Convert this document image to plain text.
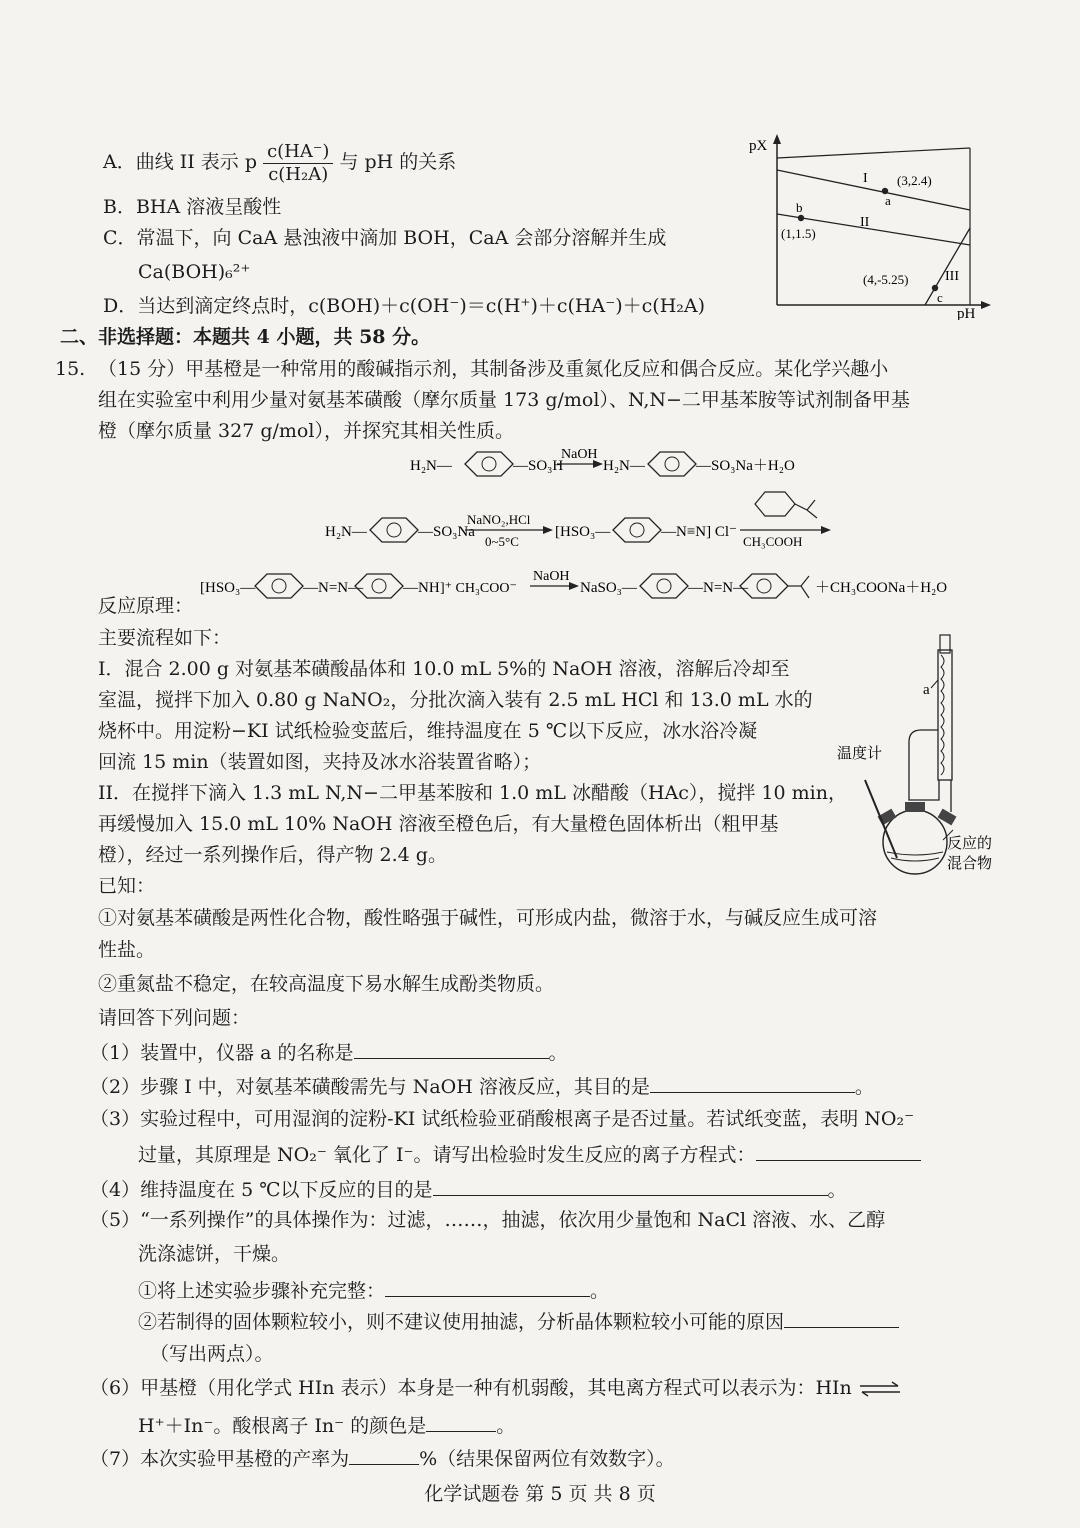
A．曲线 II 表示 p $\frac{c(HA^-)}{\text{c(H₂A)}}$ 与 pH 的关系
B．BHA 溶液呈酸性
C．常温下，向 CaA 悬浊液中滴加 BOH，CaA 会部分溶解并生成
Ca(BOH)₆²⁺
D．当达到滴定终点时，c(BOH)＋c(OH⁻)＝c(H⁺)＋c(HA⁻)＋c(H₂A)
pX
pH
I
II
III
a
(3,2.4)
b
(1,1.5)
c
(4,-5.25)
二、非选择题：本题共 4 小题，共 58 分。
15. （15 分）甲基橙是一种常用的酸碱指示剂，其制备涉及重氮化反应和偶合反应。某化学兴趣小
组在实验室中利用少量对氨基苯磺酸（摩尔质量 173 g/mol）、N,N−二甲基苯胺等试剂制备甲基
橙（摩尔质量 327 g/mol），并探究其相关性质。
H₂N—	—SO₃H
NaOH
H₂N—	—SO₃Na＋H₂O
H₂N—	—SO₃Na
NaNO₂,HCl
0~5°C
[HSO₃—	—N≡N] Cl⁻
CH₃COOH
[HSO₃—	—N=N—	—NH ]⁺ CH₃COO⁻
NaOH
NaSO₃—	—N=N—	＋CH₃COONa＋H₂O
反应原理：
主要流程如下：
I．混合 2.00 g 对氨基苯磺酸晶体和 10.0 mL 5%的 NaOH 溶液，溶解后冷却至
室温，搅拌下加入 0.80 g NaNO₂，分批次滴入装有 2.5 mL HCl 和 13.0 mL 水的
烧杯中。用淀粉−KI 试纸检验变蓝后，维持温度在 5 ℃以下反应，冰水浴冷凝
回流 15 min（装置如图，夹持及冰水浴装置省略）；
II．在搅拌下滴入 1.3 mL N,N−二甲基苯胺和 1.0 mL 冰醋酸（HAc），搅拌 10 min，
再缓慢加入 15.0 mL 10% NaOH 溶液至橙色后，有大量橙色固体析出（粗甲基
橙），经过一系列操作后，得产物 2.4 g。
a
温度计
反应的
混合物
已知：
①对氨基苯磺酸是两性化合物，酸性略强于碱性，可形成内盐，微溶于水，与碱反应生成可溶
性盐。
②重氮盐不稳定，在较高温度下易水解生成酚类物质。
请回答下列问题：
（1）装置中，仪器 a 的名称是	。
（2）步骤 I 中，对氨基苯磺酸需先与 NaOH 溶液反应，其目的是	。
（3）实验过程中，可用湿润的淀粉-KI 试纸检验亚硝酸根离子是否过量。若试纸变蓝，表明 NO₂⁻
过量，其原理是 NO₂⁻ 氧化了 I⁻。请写出检验时发生反应的离子方程式：
（4）维持温度在 5 ℃以下反应的目的是	。
（5）“一系列操作”的具体操作为：过滤，……，抽滤，依次用少量饱和 NaCl 溶液、水、乙醇
洗涤滤饼，干燥。
①将上述实验步骤补充完整：	。
②若制得的固体颗粒较小，则不建议使用抽滤，分析晶体颗粒较小可能的原因
（写出两点）。
（6）甲基橙（用化学式 HIn 表示）本身是一种有机弱酸，其电离方程式可以表示为：HIn ⇌
H⁺＋In⁻。酸根离子 In⁻ 的颜色是	。
（7）本次实验甲基橙的产率为	%（结果保留两位有效数字）。
化学试题卷 第 5 页 共 8 页
